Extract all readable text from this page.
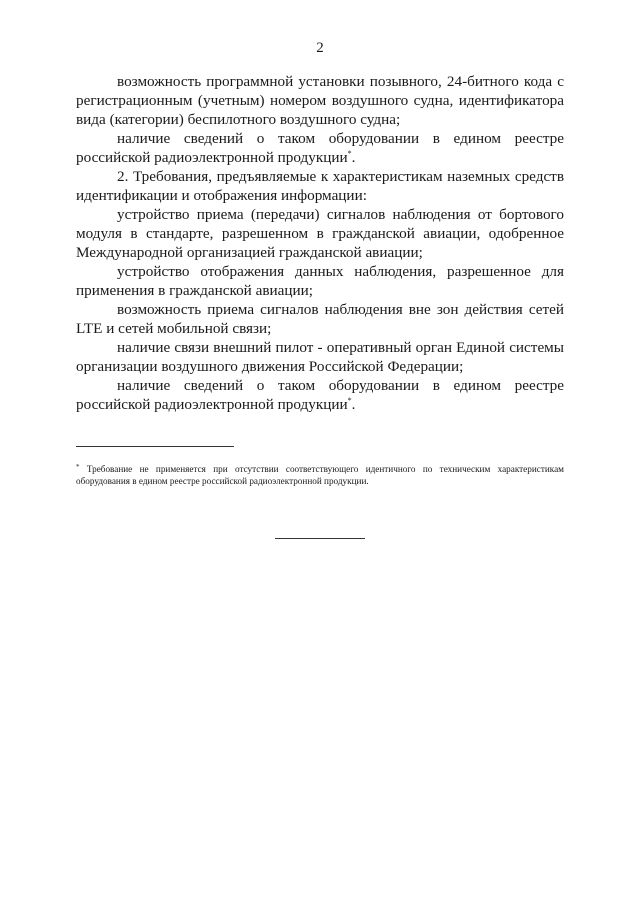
2

возможность программной установки позывного, 24-битного кода с регистрационным (учетным) номером воздушного судна, идентификатора вида (категории) беспилотного воздушного судна;

наличие сведений о таком оборудовании в едином реестре российской радиоэлектронной продукции*.

2. Требования, предъявляемые к характеристикам наземных средств идентификации и отображения информации:

устройство приема (передачи) сигналов наблюдения от бортового модуля в стандарте, разрешенном в гражданской авиации, одобренное Международной организацией гражданской авиации;

устройство отображения данных наблюдения, разрешенное для применения в гражданской авиации;

возможность приема сигналов наблюдения вне зон действия сетей LTE и сетей мобильной связи;

наличие связи внешний пилот - оперативный орган Единой системы организации воздушного движения Российской Федерации;

наличие сведений о таком оборудовании в едином реестре российской радиоэлектронной продукции*.

* Требование не применяется при отсутствии соответствующего идентичного по техническим характеристикам оборудования в едином реестре российской радиоэлектронной продукции.
